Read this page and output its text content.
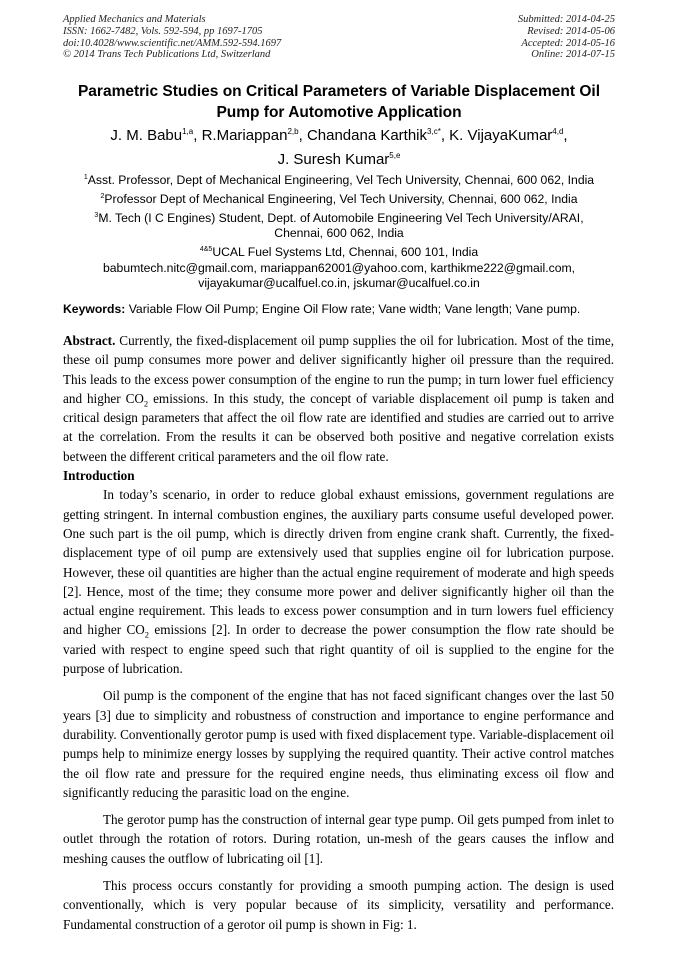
Applied Mechanics and Materials
ISSN: 1662-7482, Vols. 592-594, pp 1697-1705
doi:10.4028/www.scientific.net/AMM.592-594.1697
© 2014 Trans Tech Publications Ltd, Switzerland
Submitted: 2014-04-25
Revised: 2014-05-06
Accepted: 2014-05-16
Online: 2014-07-15
Parametric Studies on Critical Parameters of Variable Displacement Oil
Pump for Automotive Application
J. M. Babu$^{1,a}$, R.Mariappan$^{2,b}$, Chandana Karthik$^{3,c*}$, K. VijayaKumar$^{4,d}$,
J. Suresh Kumar$^{5,e}$
$^1$Asst. Professor, Dept of Mechanical Engineering, Vel Tech University, Chennai, 600 062, India
$^2$Professor Dept of Mechanical Engineering, Vel Tech University, Chennai, 600 062, India
$^3$M. Tech (I C Engines) Student, Dept. of Automobile Engineering Vel Tech University/ARAI, Chennai, 600 062, India
$^{4\&5}$UCAL Fuel Systems Ltd, Chennai, 600 101, India
babumtech.nitc@gmail.com, mariappan62001@yahoo.com, karthikme222@gmail.com,
vijayakumar@ucalfuel.co.in, jskumar@ucalfuel.co.in
Keywords: Variable Flow Oil Pump; Engine Oil Flow rate; Vane width; Vane length; Vane pump.

Abstract. Currently, the fixed-displacement oil pump supplies the oil for lubrication. Most of the time, these oil pump consumes more power and deliver significantly higher oil pressure than the required. This leads to the excess power consumption of the engine to run the pump; in turn lower fuel efficiency and higher $CO_2$ emissions. In this study, the concept of variable displacement oil pump is taken and critical design parameters that affect the oil flow rate are identified and studies are carried out to arrive at the correlation. From the results it can be observed both positive and negative correlation exists between the different critical parameters and the oil flow rate.

Introduction

In today’s scenario, in order to reduce global exhaust emissions, government regulations are getting stringent. In internal combustion engines, the auxiliary parts consume useful developed power. One such part is the oil pump, which is directly driven from engine crank shaft. Currently, the fixed-displacement type of oil pump are extensively used that supplies engine oil for lubrication purpose. However, these oil quantities are higher than the actual engine requirement of moderate and high speeds [2]. Hence, most of the time; they consume more power and deliver significantly higher oil than the actual engine requirement. This leads to excess power consumption and in turn lowers fuel efficiency and higher $CO_2$ emissions [2]. In order to decrease the power consumption the flow rate should be varied with respect to engine speed such that right quantity of oil is supplied to the engine for the purpose of lubrication.

Oil pump is the component of the engine that has not faced significant changes over the last 50 years [3] due to simplicity and robustness of construction and importance to engine performance and durability. Conventionally gerotor pump is used with fixed displacement type. Variable-displacement oil pumps help to minimize energy losses by supplying the required quantity. Their active control matches the oil flow rate and pressure for the required engine needs, thus eliminating excess oil flow and significantly reducing the parasitic load on the engine.

The gerotor pump has the construction of internal gear type pump. Oil gets pumped from inlet to outlet through the rotation of rotors. During rotation, un-mesh of the gears causes the inflow and meshing causes the outflow of lubricating oil [1].

This process occurs constantly for providing a smooth pumping action. The design is used conventionally, which is very popular because of its simplicity, versatility and performance. Fundamental construction of a gerotor oil pump is shown in Fig: 1.
